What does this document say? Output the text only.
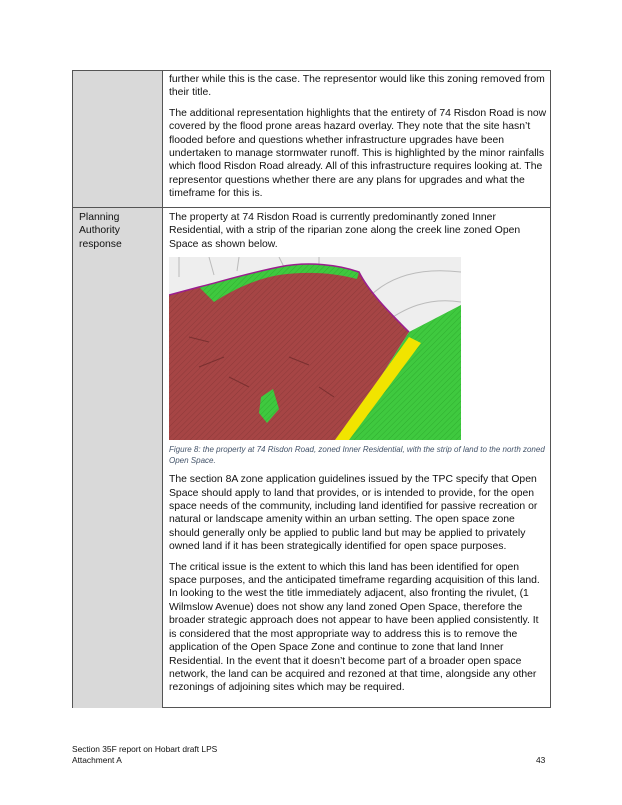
further while this is the case. The representor would like this zoning removed from their title.

The additional representation highlights that the entirety of 74 Risdon Road is now covered by the flood prone areas hazard overlay. They note that the site hasn’t flooded before and questions whether infrastructure upgrades have been undertaken to manage stormwater runoff. This is highlighted by the minor rainfalls which flood Risdon Road already. All of this infrastructure requires looking at. The representor questions whether there are any plans for upgrades and what the timeframe for this is.

Planning Authority response

The property at 74 Risdon Road is currently predominantly zoned Inner Residential, with a strip of the riparian zone along the creek line zoned Open Space as shown below.

Figure 8: the property at 74 Risdon Road, zoned Inner Residential, with the strip of land to the north zoned Open Space.

The section 8A zone application guidelines issued by the TPC specify that Open Space should apply to land that provides, or is intended to provide, for the open space needs of the community, including land identified for passive recreation or natural or landscape amenity within an urban setting. The open space zone should generally only be applied to public land but may be applied to privately owned land if it has been strategically identified for open space purposes.

The critical issue is the extent to which this land has been identified for open space purposes, and the anticipated timeframe regarding acquisition of this land. In looking to the west the title immediately adjacent, also fronting the rivulet, (1 Wilmslow Avenue) does not show any land zoned Open Space, therefore the broader strategic approach does not appear to have been applied consistently. It is considered that the most appropriate way to address this is to remove the application of the Open Space Zone and continue to zone that land Inner Residential. In the event that it doesn’t become part of a broader open space network, the land can be acquired and rezoned at that time, alongside any other rezonings of adjoining sites which may be required.

Section 35F report on Hobart draft LPS
Attachment A	43
